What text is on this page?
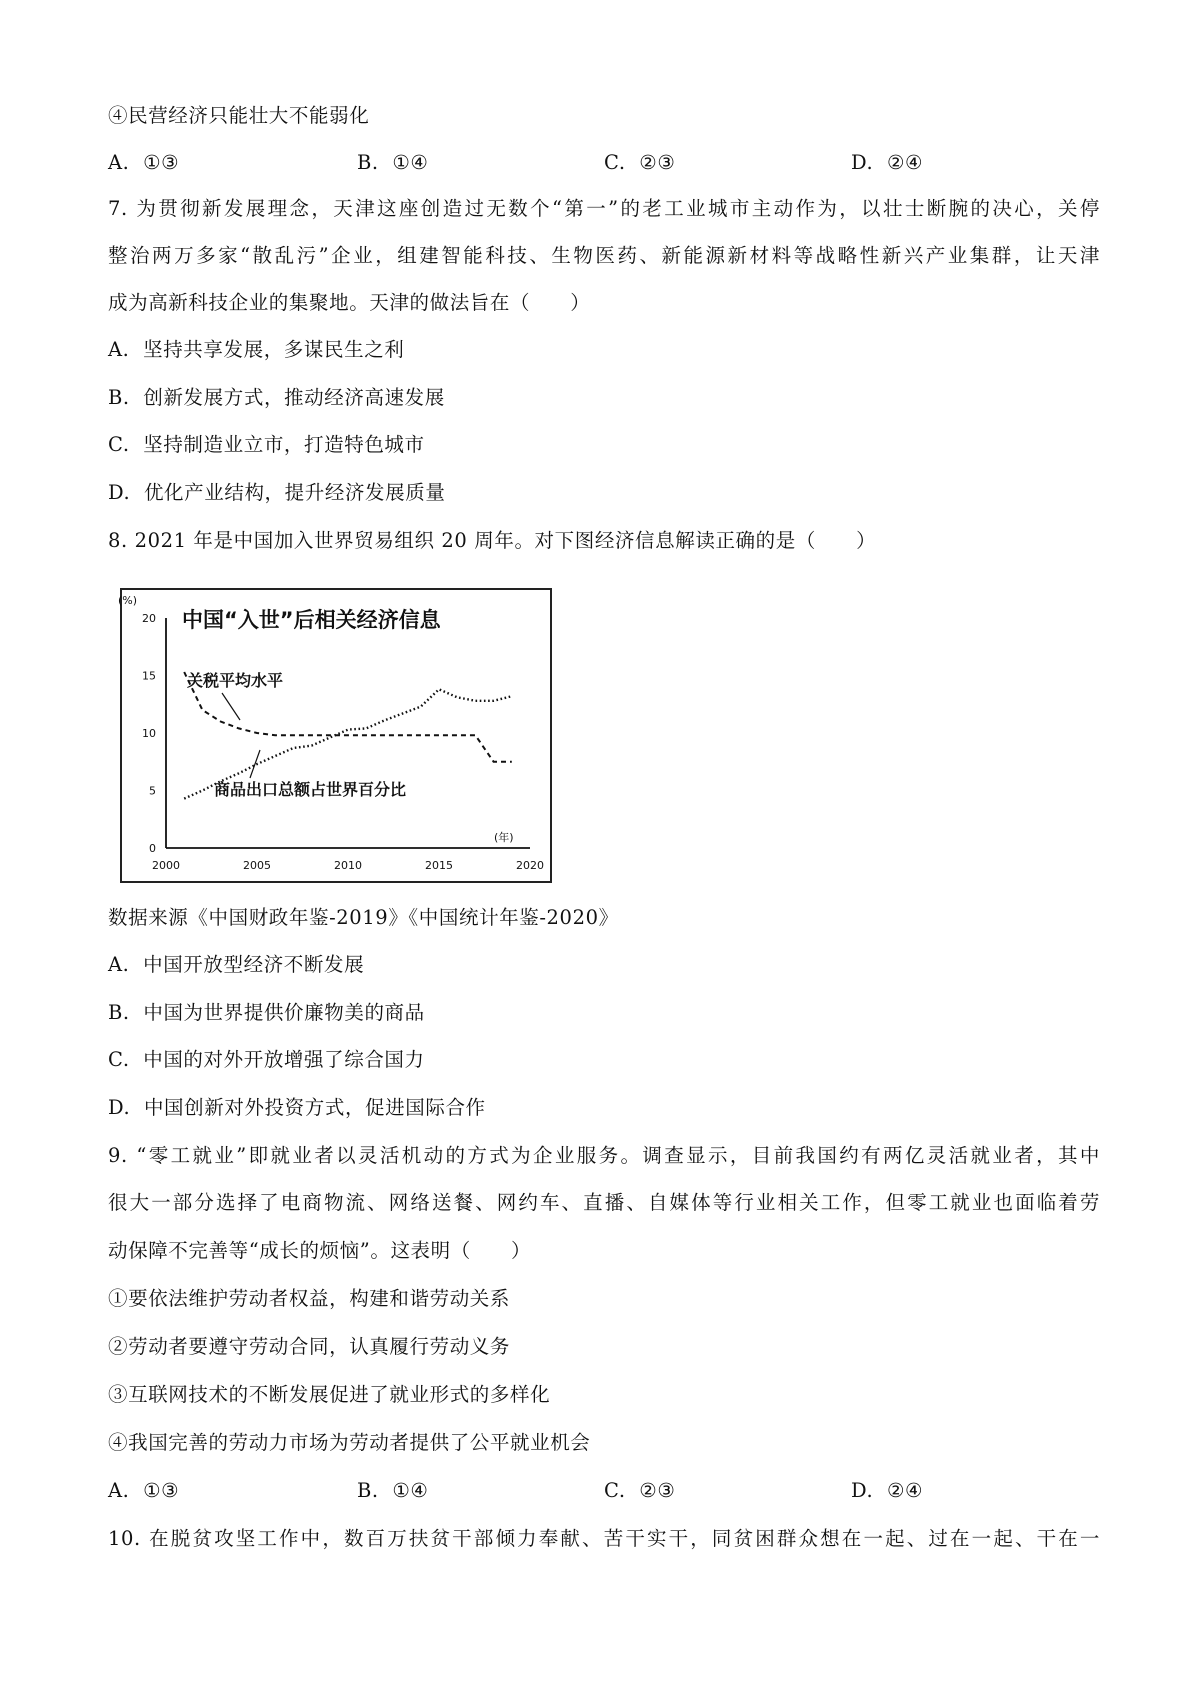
④民营经济只能壮大不能弱化
A. ①③	B. ①④	C. ②③	D. ②④
7. 为贯彻新发展理念，天津这座创造过无数个“第一”的老工业城市主动作为，以壮士断腕的决心，关停
整治两万多家“散乱污”企业，组建智能科技、生物医药、新能源新材料等战略性新兴产业集群，让天津
成为高新科技企业的集聚地。天津的做法旨在（　　）
A. 坚持共享发展，多谋民生之利
B. 创新发展方式，推动经济高速发展
C. 坚持制造业立市，打造特色城市
D. 优化产业结构，提升经济发展质量
8. 2021 年是中国加入世界贸易组织 20 周年。对下图经济信息解读正确的是（　　）
中国“入世”后相关经济信息
(%)
(年)
0
5
10
15
20
2000	2005	2010	2015	2020
关税平均水平
商品出口总额占世界百分比
数据来源《中国财政年鉴-2019》《中国统计年鉴-2020》
A. 中国开放型经济不断发展
B. 中国为世界提供价廉物美的商品
C. 中国的对外开放增强了综合国力
D. 中国创新对外投资方式，促进国际合作
9. “零工就业”即就业者以灵活机动的方式为企业服务。调查显示，目前我国约有两亿灵活就业者，其中
很大一部分选择了电商物流、网络送餐、网约车、直播、自媒体等行业相关工作，但零工就业也面临着劳
动保障不完善等“成长的烦恼”。这表明（　　）
①要依法维护劳动者权益，构建和谐劳动关系
②劳动者要遵守劳动合同，认真履行劳动义务
③互联网技术的不断发展促进了就业形式的多样化
④我国完善的劳动力市场为劳动者提供了公平就业机会
A. ①③	B. ①④	C. ②③	D. ②④
10. 在脱贫攻坚工作中，数百万扶贫干部倾力奉献、苦干实干，同贫困群众想在一起、过在一起、干在一
